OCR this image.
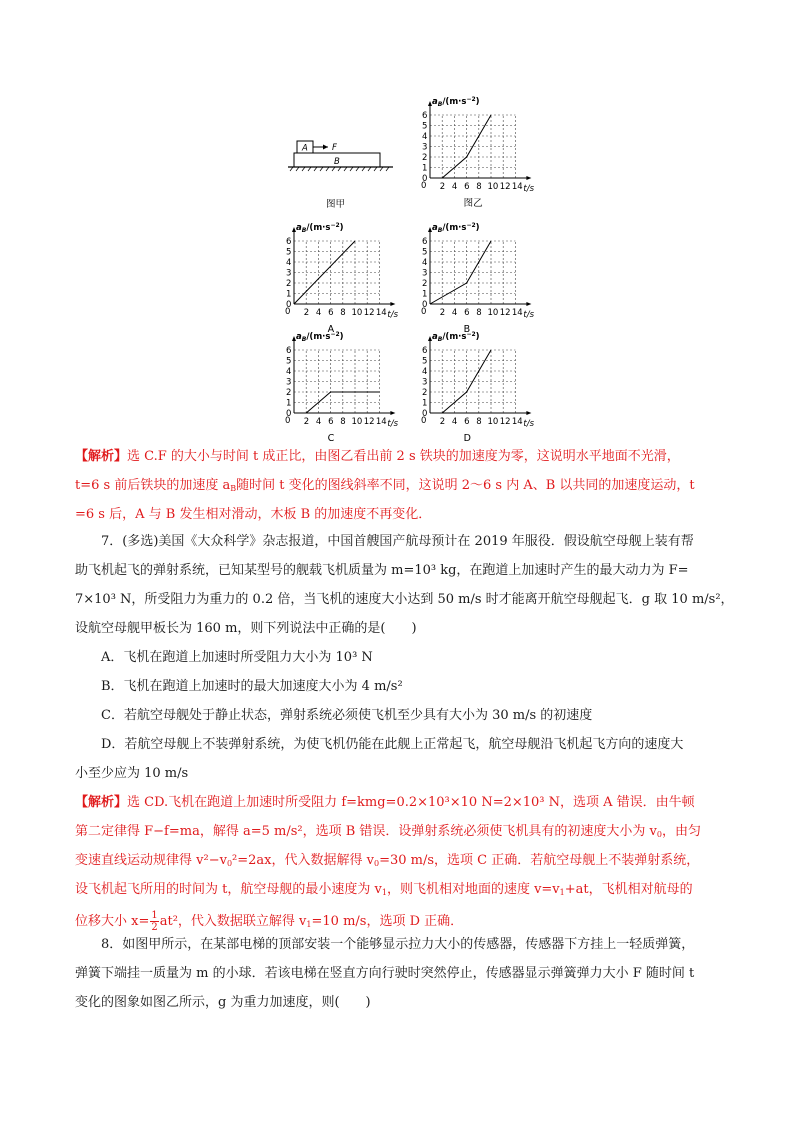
A	F
B
图甲
0
1
2
3
4
5
6
2 4 6 8 10 12 14 t/s
$a_B/(m\cdot s^{-2})$
0
图乙
0
1
2
3
4
5
6
2 4 6 8 10 12 14 t/s
$a_B/(m\cdot s^{-2})$
0
A
0
1
2
3
4
5
6
2 4 6 8 10 12 14 t/s
$a_B/(m\cdot s^{-2})$
0
B
0
1
2
3
4
5
6
2 4 6 8 10 12 14 t/s
$a_B/(m\cdot s^{-2})$
0
C
0
1
2
3
4
5
6
2 4 6 8 10 12 14 t/s
$a_B/(m\cdot s^{-2})$
0
D
【解析】选 C.F 的大小与时间 t 成正比，由图乙看出前 2 s 铁块的加速度为零，这说明水平地面不光滑，
t=6 s 前后铁块的加速度 $a_B$随时间 t 变化的图线斜率不同，这说明 2～6 s 内 A、B 以共同的加速度运动，t
=6 s 后，A 与 B 发生相对滑动，木板 B 的加速度不再变化．
7．(多选)美国《大众科学》杂志报道，中国首艘国产航母预计在 2019 年服役．假设航空母舰上装有帮
助飞机起飞的弹射系统，已知某型号的舰载飞机质量为 m=10³ kg，在跑道上加速时产生的最大动力为 F=
7×10³ N，所受阻力为重力的 0.2 倍，当飞机的速度大小达到 50 m/s 时才能离开航空母舰起飞．g 取 10 m/s²，
设航空母舰甲板长为 160 m，则下列说法中正确的是(　　)
A．飞机在跑道上加速时所受阻力大小为 10³ N
B．飞机在跑道上加速时的最大加速度大小为 4 m/s²
C．若航空母舰处于静止状态，弹射系统必须使飞机至少具有大小为 30 m/s 的初速度
D．若航空母舰上不装弹射系统，为使飞机仍能在此舰上正常起飞，航空母舰沿飞机起飞方向的速度大
小至少应为 10 m/s
【解析】选 CD.飞机在跑道上加速时所受阻力 f=kmg=0.2×10³×10 N=2×10³ N，选项 A 错误．由牛顿
第二定律得 F−f=ma，解得 a=5 m/s²，选项 B 错误．设弹射系统必须使飞机具有的初速度大小为 $v_0$，由匀
变速直线运动规律得 $v^2-v_0^2=2ax$，代入数据解得 $v_0=30$ m/s，选项 C 正确．若航空母舰上不装弹射系统，
设飞机起飞所用的时间为 t，航空母舰的最小速度为 $v_1$，则飞机相对地面的速度 $v=v_1+at$，飞机相对航母的
位移大小 $x= \frac{1}{2} at^2$，代入数据联立解得 $v_1=10$ m/s，选项 D 正确．
8．如图甲所示，在某部电梯的顶部安装一个能够显示拉力大小的传感器，传感器下方挂上一轻质弹簧，
弹簧下端挂一质量为 m 的小球．若该电梯在竖直方向行驶时突然停止，传感器显示弹簧弹力大小 F 随时间 t
变化的图象如图乙所示，g 为重力加速度，则(　　)
